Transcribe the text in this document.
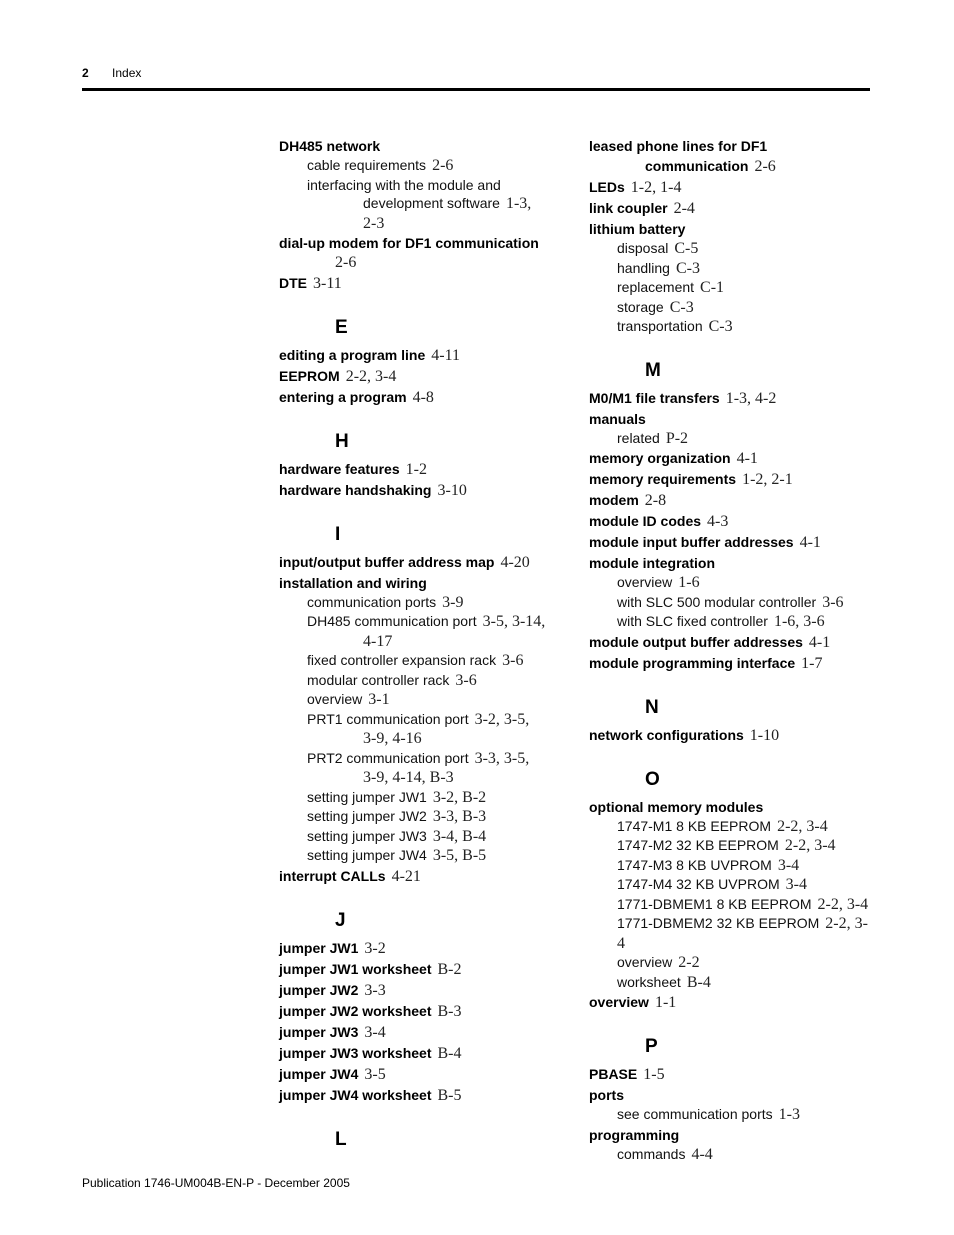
2 Index
DH485 network
cable requirements 2-6
interfacing with the module and
development software 1-3,
2-3
dial-up modem for DF1 communication
2-6
DTE 3-11
E
editing a program line 4-11
EEPROM 2-2, 3-4
entering a program 4-8
H
hardware features 1-2
hardware handshaking 3-10
I
input/output buffer address map 4-20
installation and wiring
communication ports 3-9
DH485 communication port 3-5, 3-14,
4-17
fixed controller expansion rack 3-6
modular controller rack 3-6
overview 3-1
PRT1 communication port 3-2, 3-5,
3-9, 4-16
PRT2 communication port 3-3, 3-5,
3-9, 4-14, B-3
setting jumper JW1 3-2, B-2
setting jumper JW2 3-3, B-3
setting jumper JW3 3-4, B-4
setting jumper JW4 3-5, B-5
interrupt CALLs 4-21
J
jumper JW1 3-2
jumper JW1 worksheet B-2
jumper JW2 3-3
jumper JW2 worksheet B-3
jumper JW3 3-4
jumper JW3 worksheet B-4
jumper JW4 3-5
jumper JW4 worksheet B-5
L
leased phone lines for DF1
communication 2-6
LEDs 1-2, 1-4
link coupler 2-4
lithium battery
disposal C-5
handling C-3
replacement C-1
storage C-3
transportation C-3
M
M0/M1 file transfers 1-3, 4-2
manuals
related P-2
memory organization 4-1
memory requirements 1-2, 2-1
modem 2-8
module ID codes 4-3
module input buffer addresses 4-1
module integration
overview 1-6
with SLC 500 modular controller 3-6
with SLC fixed controller 1-6, 3-6
module output buffer addresses 4-1
module programming interface 1-7
N
network configurations 1-10
O
optional memory modules
1747-M1 8 KB EEPROM 2-2, 3-4
1747-M2 32 KB EEPROM 2-2, 3-4
1747-M3 8 KB UVPROM 3-4
1747-M4 32 KB UVPROM 3-4
1771-DBMEM1 8 KB EEPROM 2-2, 3-4
1771-DBMEM2 32 KB EEPROM 2-2, 3-4
overview 2-2
worksheet B-4
overview 1-1
P
PBASE 1-5
ports
see communication ports 1-3
programming
commands 4-4
Publication 1746-UM004B-EN-P - December 2005
